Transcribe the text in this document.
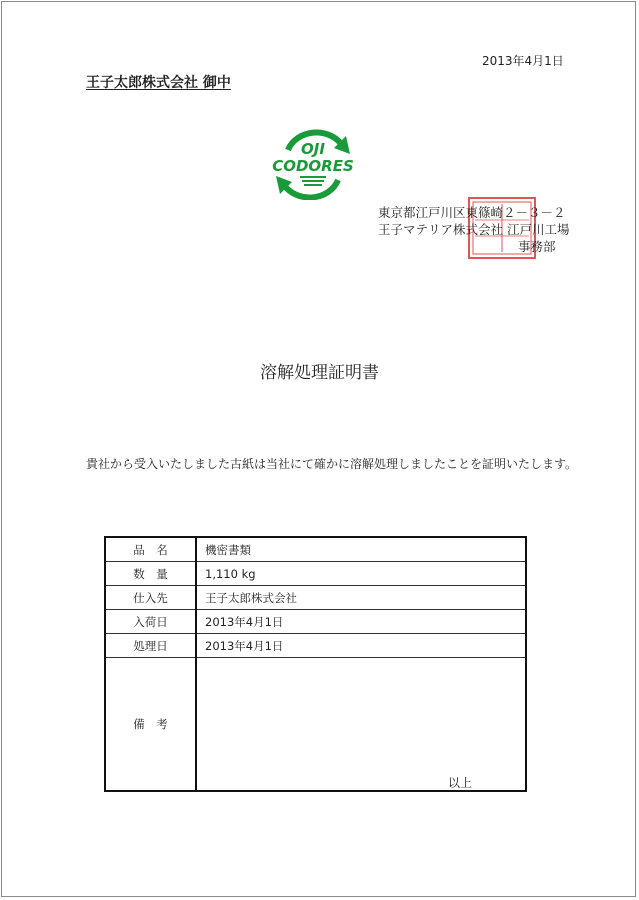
2013年4月1日
王子太郎株式会社 御中
OJI
CODORES
東京都江戸川区東篠崎２－３－２
王子マテリア株式会社 江戸川工場
事務部
溶解処理証明書
貴社から受入いたしました古紙は当社にて確かに溶解処理しましたことを証明いたします。
品　名	機密書類
数　量	1,110 kg
仕入先	王子太郎株式会社
入荷日	2013年4月1日
処理日	2013年4月1日
備　考	
以上
